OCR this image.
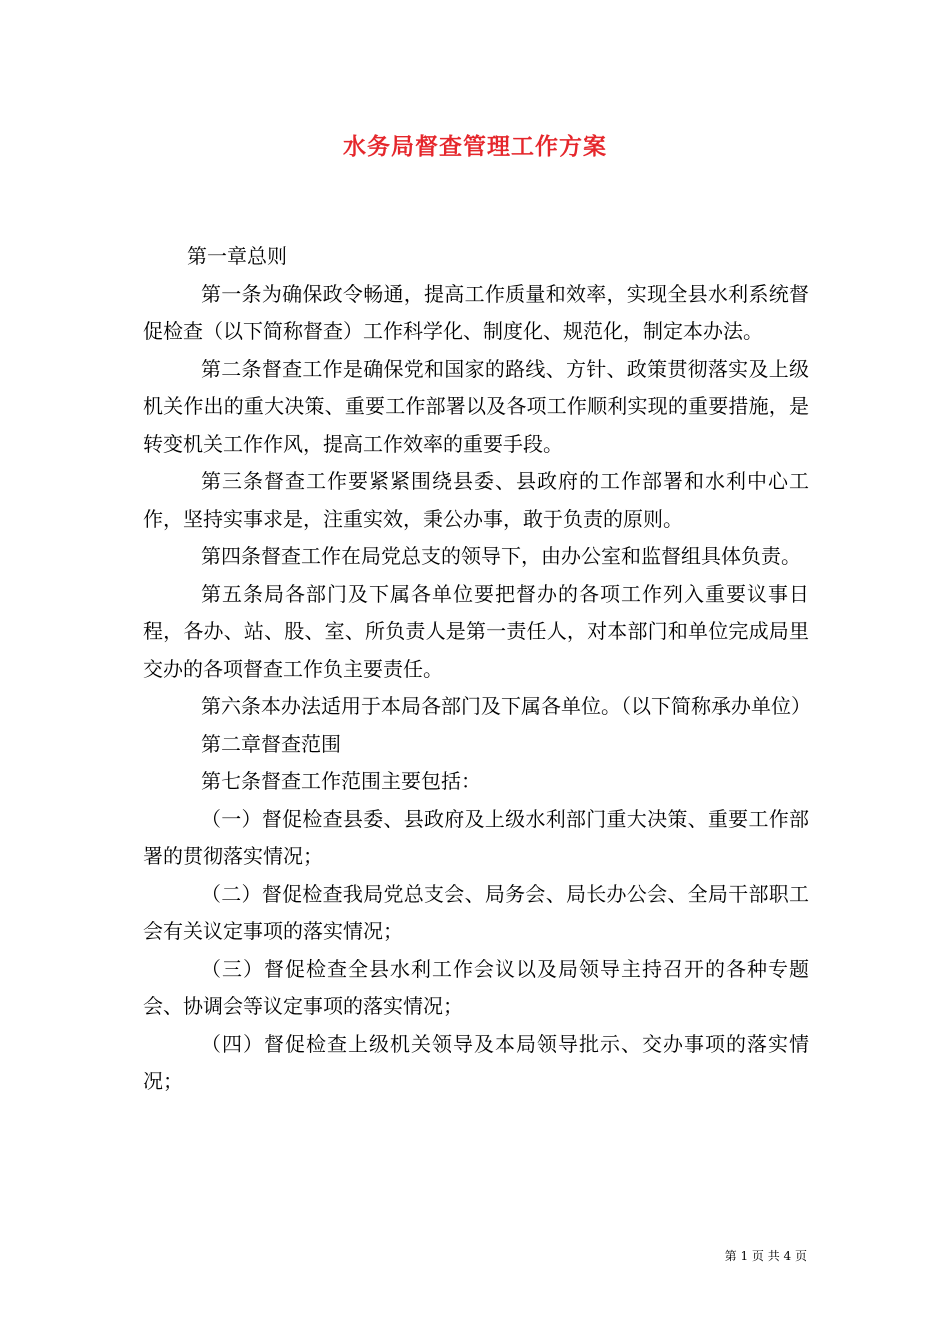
水务局督查管理工作方案

第一章总则

第一条为确保政令畅通，提高工作质量和效率，实现全县水利系统督促检查（以下简称督查）工作科学化、制度化、规范化，制定本办法。

第二条督查工作是确保党和国家的路线、方针、政策贯彻落实及上级机关作出的重大决策、重要工作部署以及各项工作顺利实现的重要措施，是转变机关工作作风，提高工作效率的重要手段。

第三条督查工作要紧紧围绕县委、县政府的工作部署和水利中心工作，坚持实事求是，注重实效，秉公办事，敢于负责的原则。

第四条督查工作在局党总支的领导下，由办公室和监督组具体负责。

第五条局各部门及下属各单位要把督办的各项工作列入重要议事日程，各办、站、股、室、所负责人是第一责任人，对本部门和单位完成局里交办的各项督查工作负主要责任。

第六条本办法适用于本局各部门及下属各单位。（以下简称承办单位）

第二章督查范围

第七条督查工作范围主要包括：

（一）督促检查县委、县政府及上级水利部门重大决策、重要工作部署的贯彻落实情况；

（二）督促检查我局党总支会、局务会、局长办公会、全局干部职工会有关议定事项的落实情况；

（三）督促检查全县水利工作会议以及局领导主持召开的各种专题会、协调会等议定事项的落实情况；

（四）督促检查上级机关领导及本局领导批示、交办事项的落实情况；

第 1 页 共 4 页
